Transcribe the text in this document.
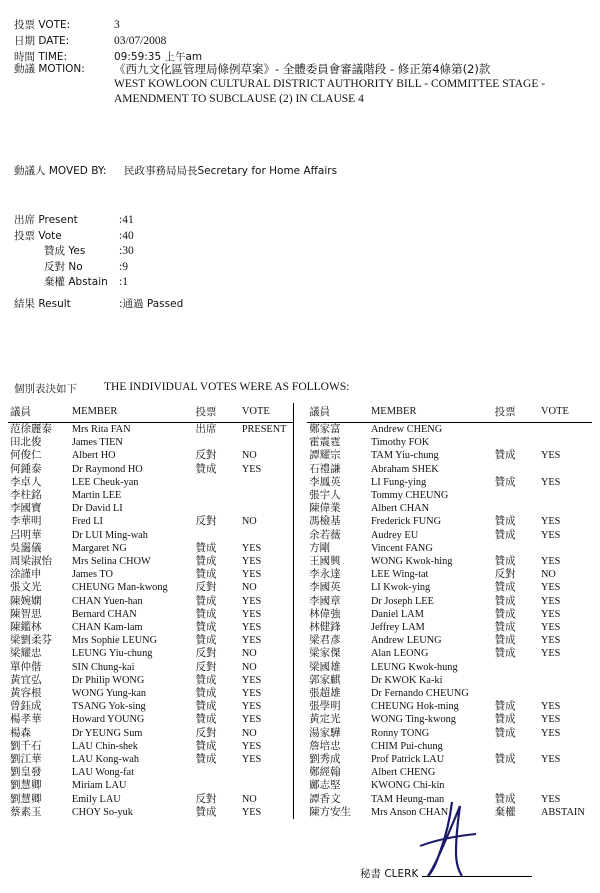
投票 VOTE:	3
日期 DATE:	03/07/2008
時間 TIME:	09:59:35 上午am
動議 MOTION:	《西九文化區管理局條例草案》- 全體委員會審議階段 - 修正第4條第(2)款
WEST KOWLOON CULTURAL DISTRICT AUTHORITY BILL - COMMITTEE STAGE -
AMENDMENT TO SUBCLAUSE (2) IN CLAUSE 4
動議人 MOVED BY:	民政事務局局長Secretary for Home Affairs
出席 Present	:41
投票 Vote	:40
贊成 Yes	:30
反對 No	:9
棄權 Abstain :1
結果 Result	:通過 Passed
個別表決如下	THE INDIVIDUAL VOTES WERE AS FOLLOWS:
議員	MEMBER	投票	VOTE		議員	MEMBER	投票	VOTE
范徐麗泰	Mrs Rita FAN	出席	PRESENT		鄭家富	Andrew CHENG		
田北俊	James TIEN				霍震霆	Timothy FOK		
何俊仁	Albert HO	反對	NO		譚耀宗	TAM Yiu-chung	贊成	YES
何鍾泰	Dr Raymond HO	贊成	YES		石禮謙	Abraham SHEK		
李卓人	LEE Cheuk-yan				李鳳英	LI Fung-ying	贊成	YES
李柱銘	Martin LEE				張宇人	Tommy CHEUNG		
李國寶	Dr David LI				陳偉業	Albert CHAN		
李華明	Fred LI	反對	NO		馮檢基	Frederick FUNG	贊成	YES
呂明華	Dr LUI Ming-wah				余若薇	Audrey EU	贊成	YES
吳靄儀	Margaret NG	贊成	YES		方剛	Vincent FANG		
周梁淑怡	Mrs Selina CHOW	贊成	YES		王國興	WONG Kwok-hing	贊成	YES
涂謹申	James TO	贊成	YES		李永達	LEE Wing-tat	反對	NO
張文光	CHEUNG Man-kwong	反對	NO		李國英	LI Kwok-ying	贊成	YES
陳婉嫻	CHAN Yuen-han	贊成	YES		李國章	Dr Joseph LEE	贊成	YES
陳智思	Bernard CHAN	贊成	YES		林偉強	Daniel LAM	贊成	YES
陳鑑林	CHAN Kam-lam	贊成	YES		林健鋒	Jeffrey LAM	贊成	YES
梁劉柔芬	Mrs Sophie LEUNG	贊成	YES		梁君彥	Andrew LEUNG	贊成	YES
梁耀忠	LEUNG Yiu-chung	反對	NO		梁家傑	Alan LEONG	贊成	YES
單仲偕	SIN Chung-kai	反對	NO		梁國雄	LEUNG Kwok-hung		
黃宜弘	Dr Philip WONG	贊成	YES		郭家麒	Dr KWOK Ka-ki		
黃容根	WONG Yung-kan	贊成	YES		張超雄	Dr Fernando CHEUNG		
曾鈺成	TSANG Yok-sing	贊成	YES		張學明	CHEUNG Hok-ming	贊成	YES
楊孝華	Howard YOUNG	贊成	YES		黃定光	WONG Ting-kwong	贊成	YES
楊森	Dr YEUNG Sum	反對	NO		湯家驊	Ronny TONG	贊成	YES
劉千石	LAU Chin-shek	贊成	YES		詹培忠	CHIM Pui-chung		
劉江華	LAU Kong-wah	贊成	YES		劉秀成	Prof Patrick LAU	贊成	YES
劉皇發	LAU Wong-fat				鄭經翰	Albert CHENG		
劉慧卿	Miriam LAU				鄺志堅	KWONG Chi-kin		
劉慧卿	Emily LAU	反對	NO		譚香文	TAM Heung-man	贊成	YES
蔡素玉	CHOY So-yuk	贊成	YES		陳方安生	Mrs Anson CHAN	棄權	ABSTAIN
秘書 CLERK
